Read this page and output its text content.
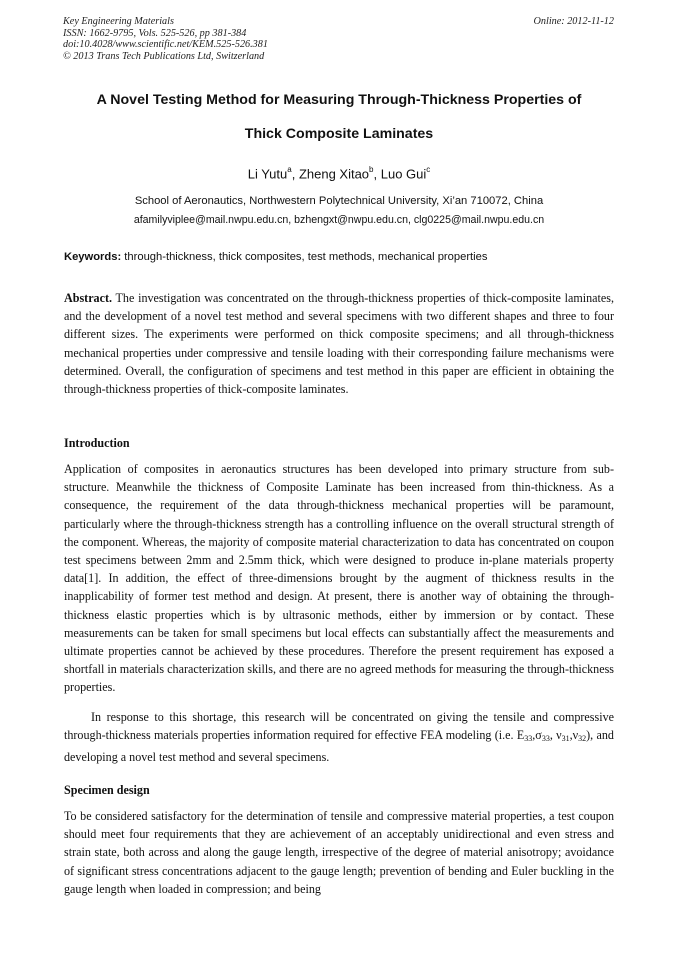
Key Engineering Materials
ISSN: 1662-9795, Vols. 525-526, pp 381-384
doi:10.4028/www.scientific.net/KEM.525-526.381
© 2013 Trans Tech Publications Ltd, Switzerland
Online: 2012-11-12
A Novel Testing Method for Measuring Through-Thickness Properties of
Thick Composite Laminates
Li Yutu$^a$, Zheng Xitao$^b$, Luo Gui$^c$
School of Aeronautics, Northwestern Polytechnical University, Xi’an 710072, China
afamilyviplee@mail.nwpu.edu.cn, bzhengxt@nwpu.edu.cn, clg0225@mail.nwpu.edu.cn
Keywords: through-thickness, thick composites, test methods, mechanical properties
Abstract. The investigation was concentrated on the through-thickness properties of thick-composite laminates, and the development of a novel test method and several specimens with two different shapes and three to four different sizes. The experiments were performed on thick composite specimens; and all through-thickness mechanical properties under compressive and tensile loading with their corresponding failure mechanisms were determined. Overall, the configuration of specimens and test method in this paper are efficient in obtaining the through-thickness properties of thick-composite laminates.
Introduction
Application of composites in aeronautics structures has been developed into primary structure from sub-structure. Meanwhile the thickness of Composite Laminate has been increased from thin-thickness. As a consequence, the requirement of the data through-thickness mechanical properties will be paramount, particularly where the through-thickness strength has a controlling influence on the overall structural strength of the component. Whereas, the majority of composite material characterization to data has concentrated on coupon test specimens between 2mm and 2.5mm thick, which were designed to produce in-plane materials property data[1]. In addition, the effect of three-dimensions brought by the augment of thickness results in the inapplicability of former test method and design. At present, there is another way of obtaining the through-thickness elastic properties which is by ultrasonic methods, either by immersion or by contact. These measurements can be taken for small specimens but local effects can substantially affect the measurements and ultimate properties cannot be achieved by these procedures. Therefore the present requirement has exposed a shortfall in materials characterization skills, and there are no agreed methods for measuring the through-thickness properties.
In response to this shortage, this research will be concentrated on giving the tensile and compressive through-thickness materials properties information required for effective FEA modeling (i.e. $E_{33},\sigma_{33}$, $\nu_{31},\nu_{32}$), and developing a novel test method and several specimens.
Specimen design
To be considered satisfactory for the determination of tensile and compressive material properties, a test coupon should meet four requirements that they are achievement of an acceptably unidirectional and even stress and strain state, both across and along the gauge length, irrespective of the degree of material anisotropy; avoidance of significant stress concentrations adjacent to the gauge length; prevention of bending and Euler buckling in the gauge length when loaded in compression; and being
